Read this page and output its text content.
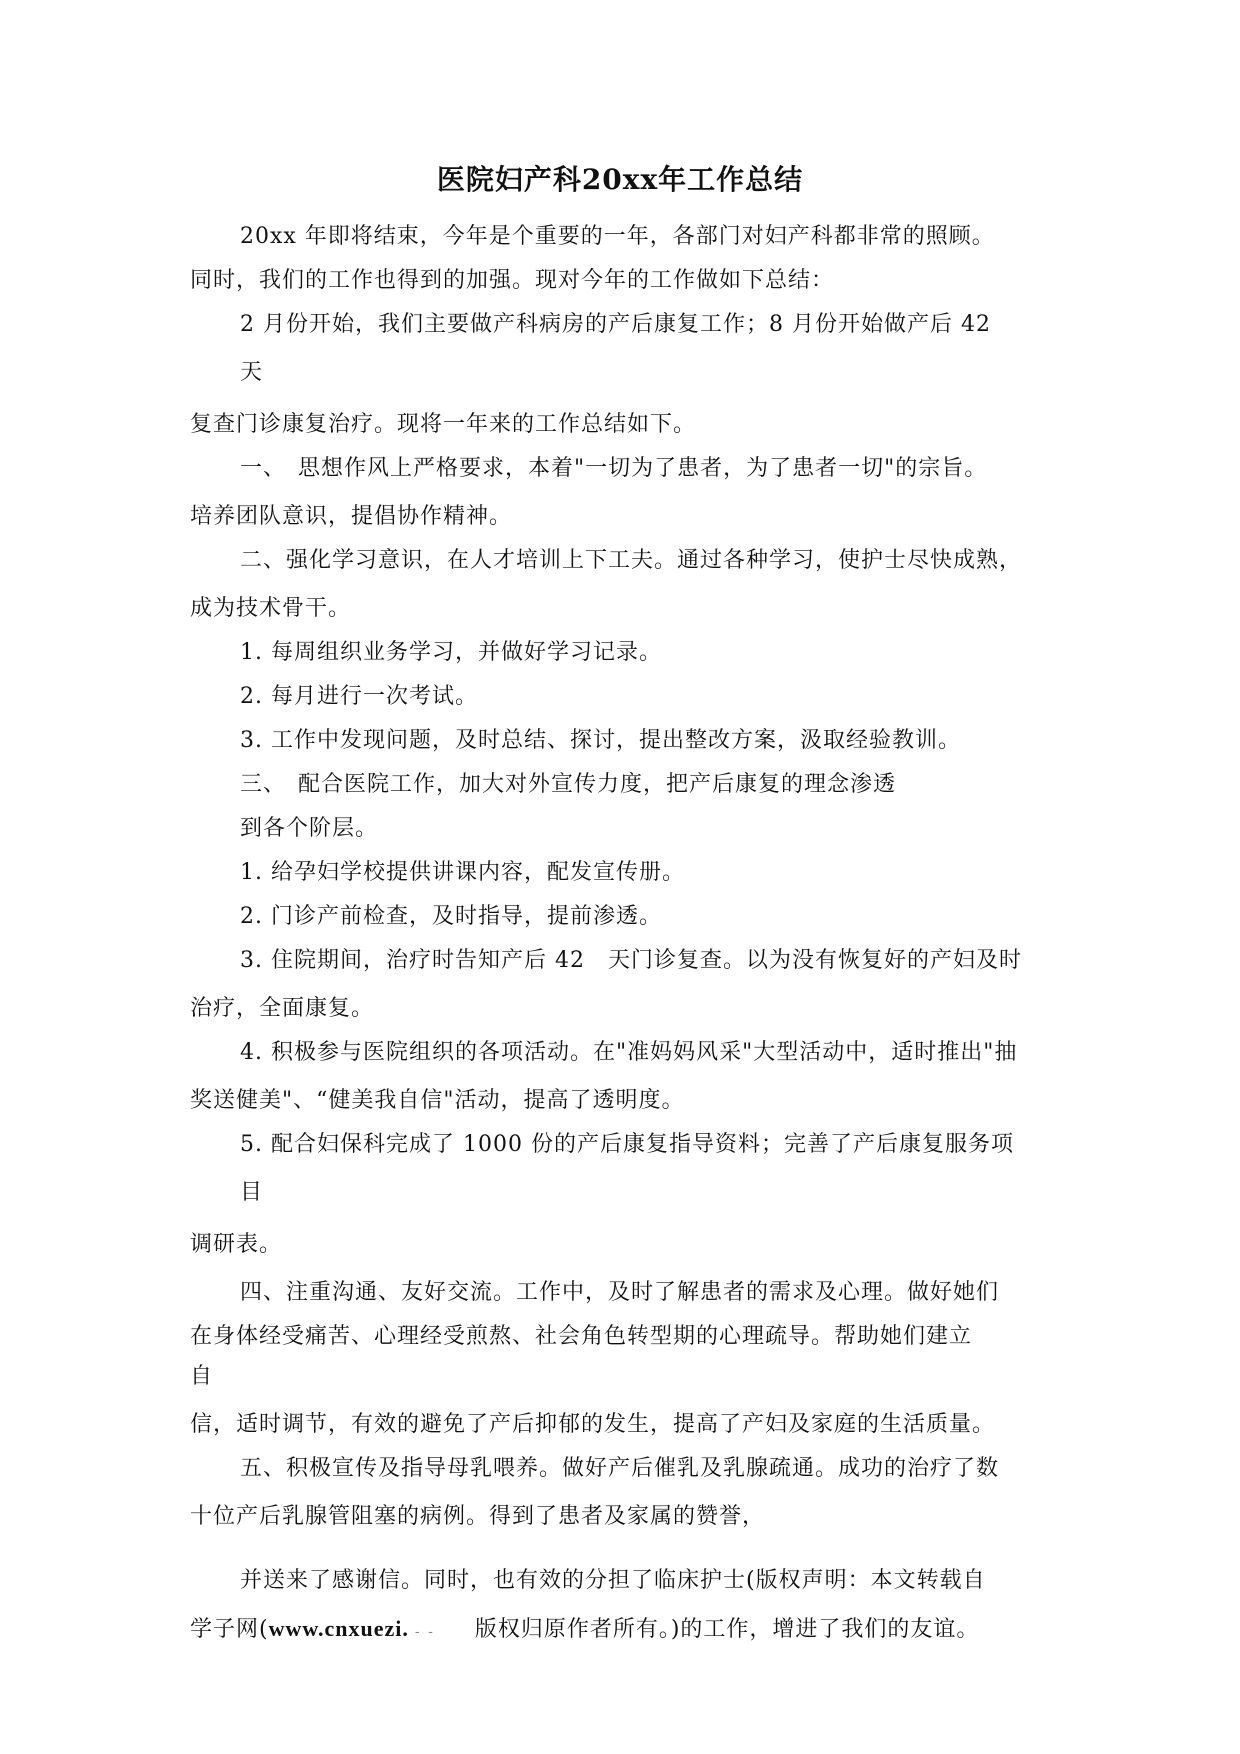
医院妇产科20xx年工作总结
20xx 年即将结束，今年是个重要的一年，各部门对妇产科都非常的照顾。
同时，我们的工作也得到的加强。现对今年的工作做如下总结：
2 月份开始，我们主要做产科病房的产后康复工作；8 月份开始做产后 42
天
复查门诊康复治疗。现将一年来的工作总结如下。
一、　思想作风上严格要求，本着"一切为了患者，为了患者一切"的宗旨。
培养团队意识，提倡协作精神。
二、强化学习意识，在人才培训上下工夫。通过各种学习，使护士尽快成熟，
成为技术骨干。
1. 每周组织业务学习，并做好学习记录。
2. 每月进行一次考试。
3. 工作中发现问题，及时总结、探讨，提出整改方案，汲取经验教训。
三、　配合医院工作，加大对外宣传力度，把产后康复的理念渗透
到各个阶层。
1. 给孕妇学校提供讲课内容，配发宣传册。
2. 门诊产前检查，及时指导，提前渗透。
3. 住院期间，治疗时告知产后 42　天门诊复查。以为没有恢复好的产妇及时
治疗，全面康复。
4. 积极参与医院组织的各项活动。在"准妈妈风采"大型活动中，适时推出"抽
奖送健美"、“健美我自信"活动，提高了透明度。
5. 配合妇保科完成了 1000 份的产后康复指导资料；完善了产后康复服务项
目
调研表。
四、注重沟通、友好交流。工作中，及时了解患者的需求及心理。做好她们
在身体经受痛苦、心理经受煎熬、社会角色转型期的心理疏导。帮助她们建立
自
信，适时调节，有效的避免了产后抑郁的发生，提高了产妇及家庭的生活质量。
五、积极宣传及指导母乳喂养。做好产后催乳及乳腺疏通。成功的治疗了数
十位产后乳腺管阻塞的病例。得到了患者及家属的赞誉，
并送来了感谢信。同时，也有效的分担了临床护士(版权声明：本文转载自
学子网(www.cnxuezi. - - 版权归原作者所有。)的工作，增进了我们的友谊。
